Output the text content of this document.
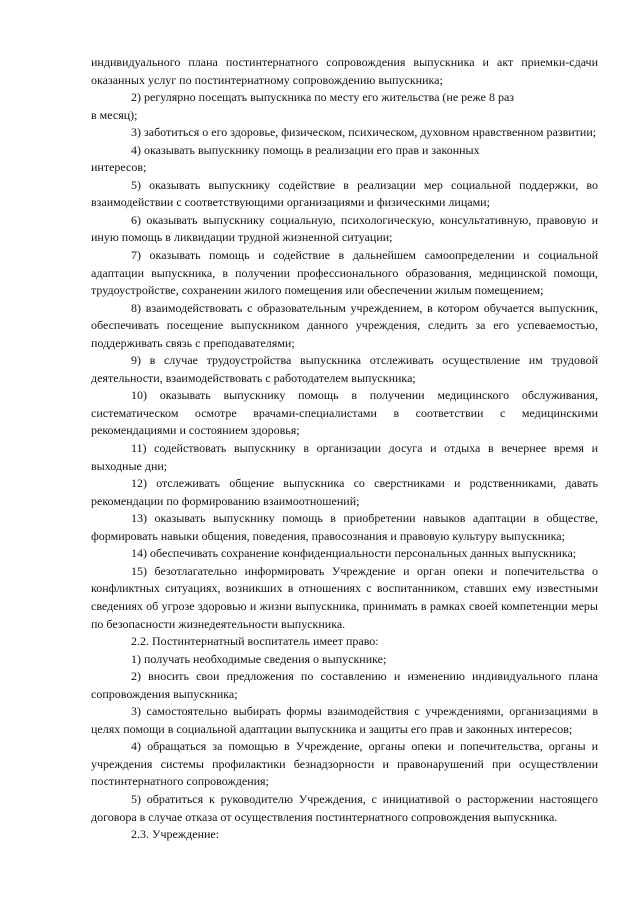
индивидуального плана постинтернатного сопровождения выпускника и акт приемки-сдачи оказанных услуг по постинтернатному сопровождению выпускника;

2) регулярно посещать выпускника по месту его жительства (не реже 8 раз

в месяц);

3) заботиться о его здоровье, физическом, психическом, духовном нравственном развитии;

4) оказывать выпускнику помощь в реализации его прав и законных

интересов;

5) оказывать выпускнику содействие в реализации мер социальной поддержки, во взаимодействии с соответствующими организациями и физическими лицами;

6) оказывать выпускнику социальную, психологическую, консультативную, правовую и иную помощь в ликвидации трудной жизненной ситуации;

7) оказывать помощь и содействие в дальнейшем самоопределении и социальной адаптации выпускника, в получении профессионального образования, медицинской помощи, трудоустройстве, сохранении жилого помещения или обеспечении жилым помещением;

8) взаимодействовать с образовательным учреждением, в котором обучается выпускник, обеспечивать посещение выпускником данного учреждения, следить за его успеваемостью, поддерживать связь с преподавателями;

9) в случае трудоустройства выпускника отслеживать осуществление им трудовой деятельности, взаимодействовать с работодателем выпускника;

10) оказывать выпускнику помощь в получении медицинского обслуживания, систематическом осмотре врачами-специалистами в соответствии с медицинскими рекомендациями и состоянием здоровья;

11) содействовать выпускнику в организации досуга и отдыха в вечернее время и выходные дни;

12) отслеживать общение выпускника со сверстниками и родственниками, давать рекомендации по формированию взаимоотношений;

13) оказывать выпускнику помощь в приобретении навыков адаптации в обществе, формировать навыки общения, поведения, правосознания и правовую культуру выпускника;

14) обеспечивать сохранение конфиденциальности персональных данных выпускника;

15) безотлагательно информировать Учреждение и орган опеки и попечительства о конфликтных ситуациях, возникших в отношениях с воспитанником, ставших ему известными сведениях об угрозе здоровью и жизни выпускника, принимать в рамках своей компетенции меры по безопасности жизнедеятельности выпускника.

2.2. Постинтернатный воспитатель имеет право:

1) получать необходимые сведения о выпускнике;

2) вносить свои предложения по составлению и изменению индивидуального плана сопровождения выпускника;

3) самостоятельно выбирать формы взаимодействия с учреждениями, организациями в целях помощи в социальной адаптации выпускника и защиты его прав и законных интересов;

4) обращаться за помощью в Учреждение, органы опеки и попечительства, органы и учреждения системы профилактики безнадзорности и правонарушений при осуществлении постинтернатного сопровождения;

5) обратиться к руководителю Учреждения, с инициативой о расторжении настоящего договора в случае отказа от осуществления постинтернатного сопровождения выпускника.

2.3. Учреждение:
